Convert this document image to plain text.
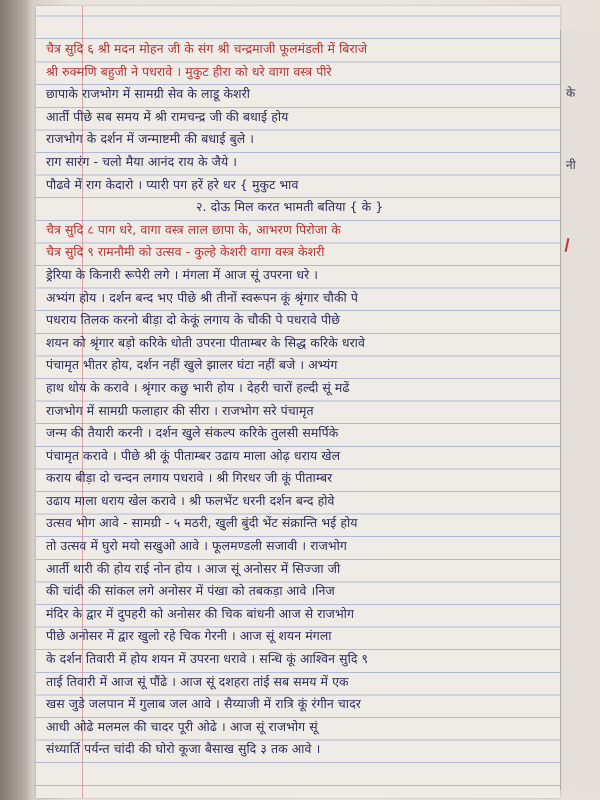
के
नी
चैत्र सुदि ६ श्री मदन मोहन जी के संग श्री चन्द्रमाजी फूलमंडली में बिराजे
श्री रुक्मणि बहुजी ने पधरावे । मुकुट हीरा को धरे वागा वस्त्र पीरे
छापाके राजभोग में सामग्री सेव के लाडू केशरी
आर्ती पीछे सब समय में श्री रामचन्द्र जी की बधाई होय
राजभोग के दर्शन में जन्माष्टमी की बधाई बुले ।
राग सारंग - चलो मैया आनंद राय के जैये ।
पौढवे में राग केदारो । प्यारी पग हरें हरे धर { मुकुट भाव
२. दोऊ मिल करत भामती बतिया { के }
चैत्र सुदि ८ पाग धरे, वागा वस्त्र लाल छापा के, आभरण पिरोजा के
चैत्र सुदि ९ रामनौमी को उत्सव - कुल्हे केशरी वागा वस्त्र केशरी
ड्रेरिया के किनारी रूपेरी लगे । मंगला में आज सूं उपरना धरे ।
अभ्यंग होय । दर्शन बन्द भए पीछे श्री तीनों स्वरूपन कूं श्रृंगार चौकी पे
पधराय तिलक करनो बीड़ा दो केकूं लगाय के चौकी पे पधरावे पीछे
शयन को श्रृंगार बड़ो करिके धोती उपरना पीताम्बर के सिद्ध करिके धरावे
पंचामृत भीतर होय, दर्शन नहीं खुले झालर घंटा नहीं बजे । अभ्यंग
हाथ धोय के करावे । श्रृंगार कछु भारी होय । देहरी चारों हल्दी सूं मढें
राजभोग में सामग्री फलाहार की सीरा । राजभोग सरे पंचामृत
जन्म की तैयारी करनी । दर्शन खुले संकल्प करिके तुलसी समर्पिके
पंचामृत करावे । पीछे श्री कूं पीताम्बर उढाय माला ओढ़ धराय खेल
कराय बीड़ा दो चन्दन लगाय पधरावे । श्री गिरधर जी कूं पीताम्बर
उढाय माला धराय खेल करावे । श्री फलभेंट धरनी दर्शन बन्द होवे
उत्सव भोग आवे - सामग्री - ५ मठरी, खुली बुंदी भेंट संक्रान्ति भई होय
तो उत्सव में घुरो मयो सखुओ आवे । फूलमण्डली सजावी । राजभोग
आर्ती थारी की होय राई नोन होय । आज सूं अनोसर में सिज्जा जी
की चांदी की सांकल लगे अनोसर में पंखा को तबकड़ा आवे ।निज
मंदिर के द्वार में दुपहरी को अनोसर की चिक बांधनी आज से राजभोग
पीछे अनोसर में द्वार खुलो रहे चिक गेरनी । आज सूं शयन मंगला
के दर्शन तिवारी में होय शयन में उपरना धरावे । सन्धि कूं आश्विन सुदि ९
ताई तिवारी में आज सूं पौंढे । आज सूं दशहरा तांई सब समय में एक
खस जुडे जलपान में गुलाब जल आवे । सैय्याजी में रात्रि कूं रंगीन चादर
आधी ओढे मलमल की चादर पूरी ओढे । आज सूं राजभोग सूं
संध्यार्ति पर्यन्त चांदी की घोरो कूजा बैसाख सुदि ३ तक आवे ।
